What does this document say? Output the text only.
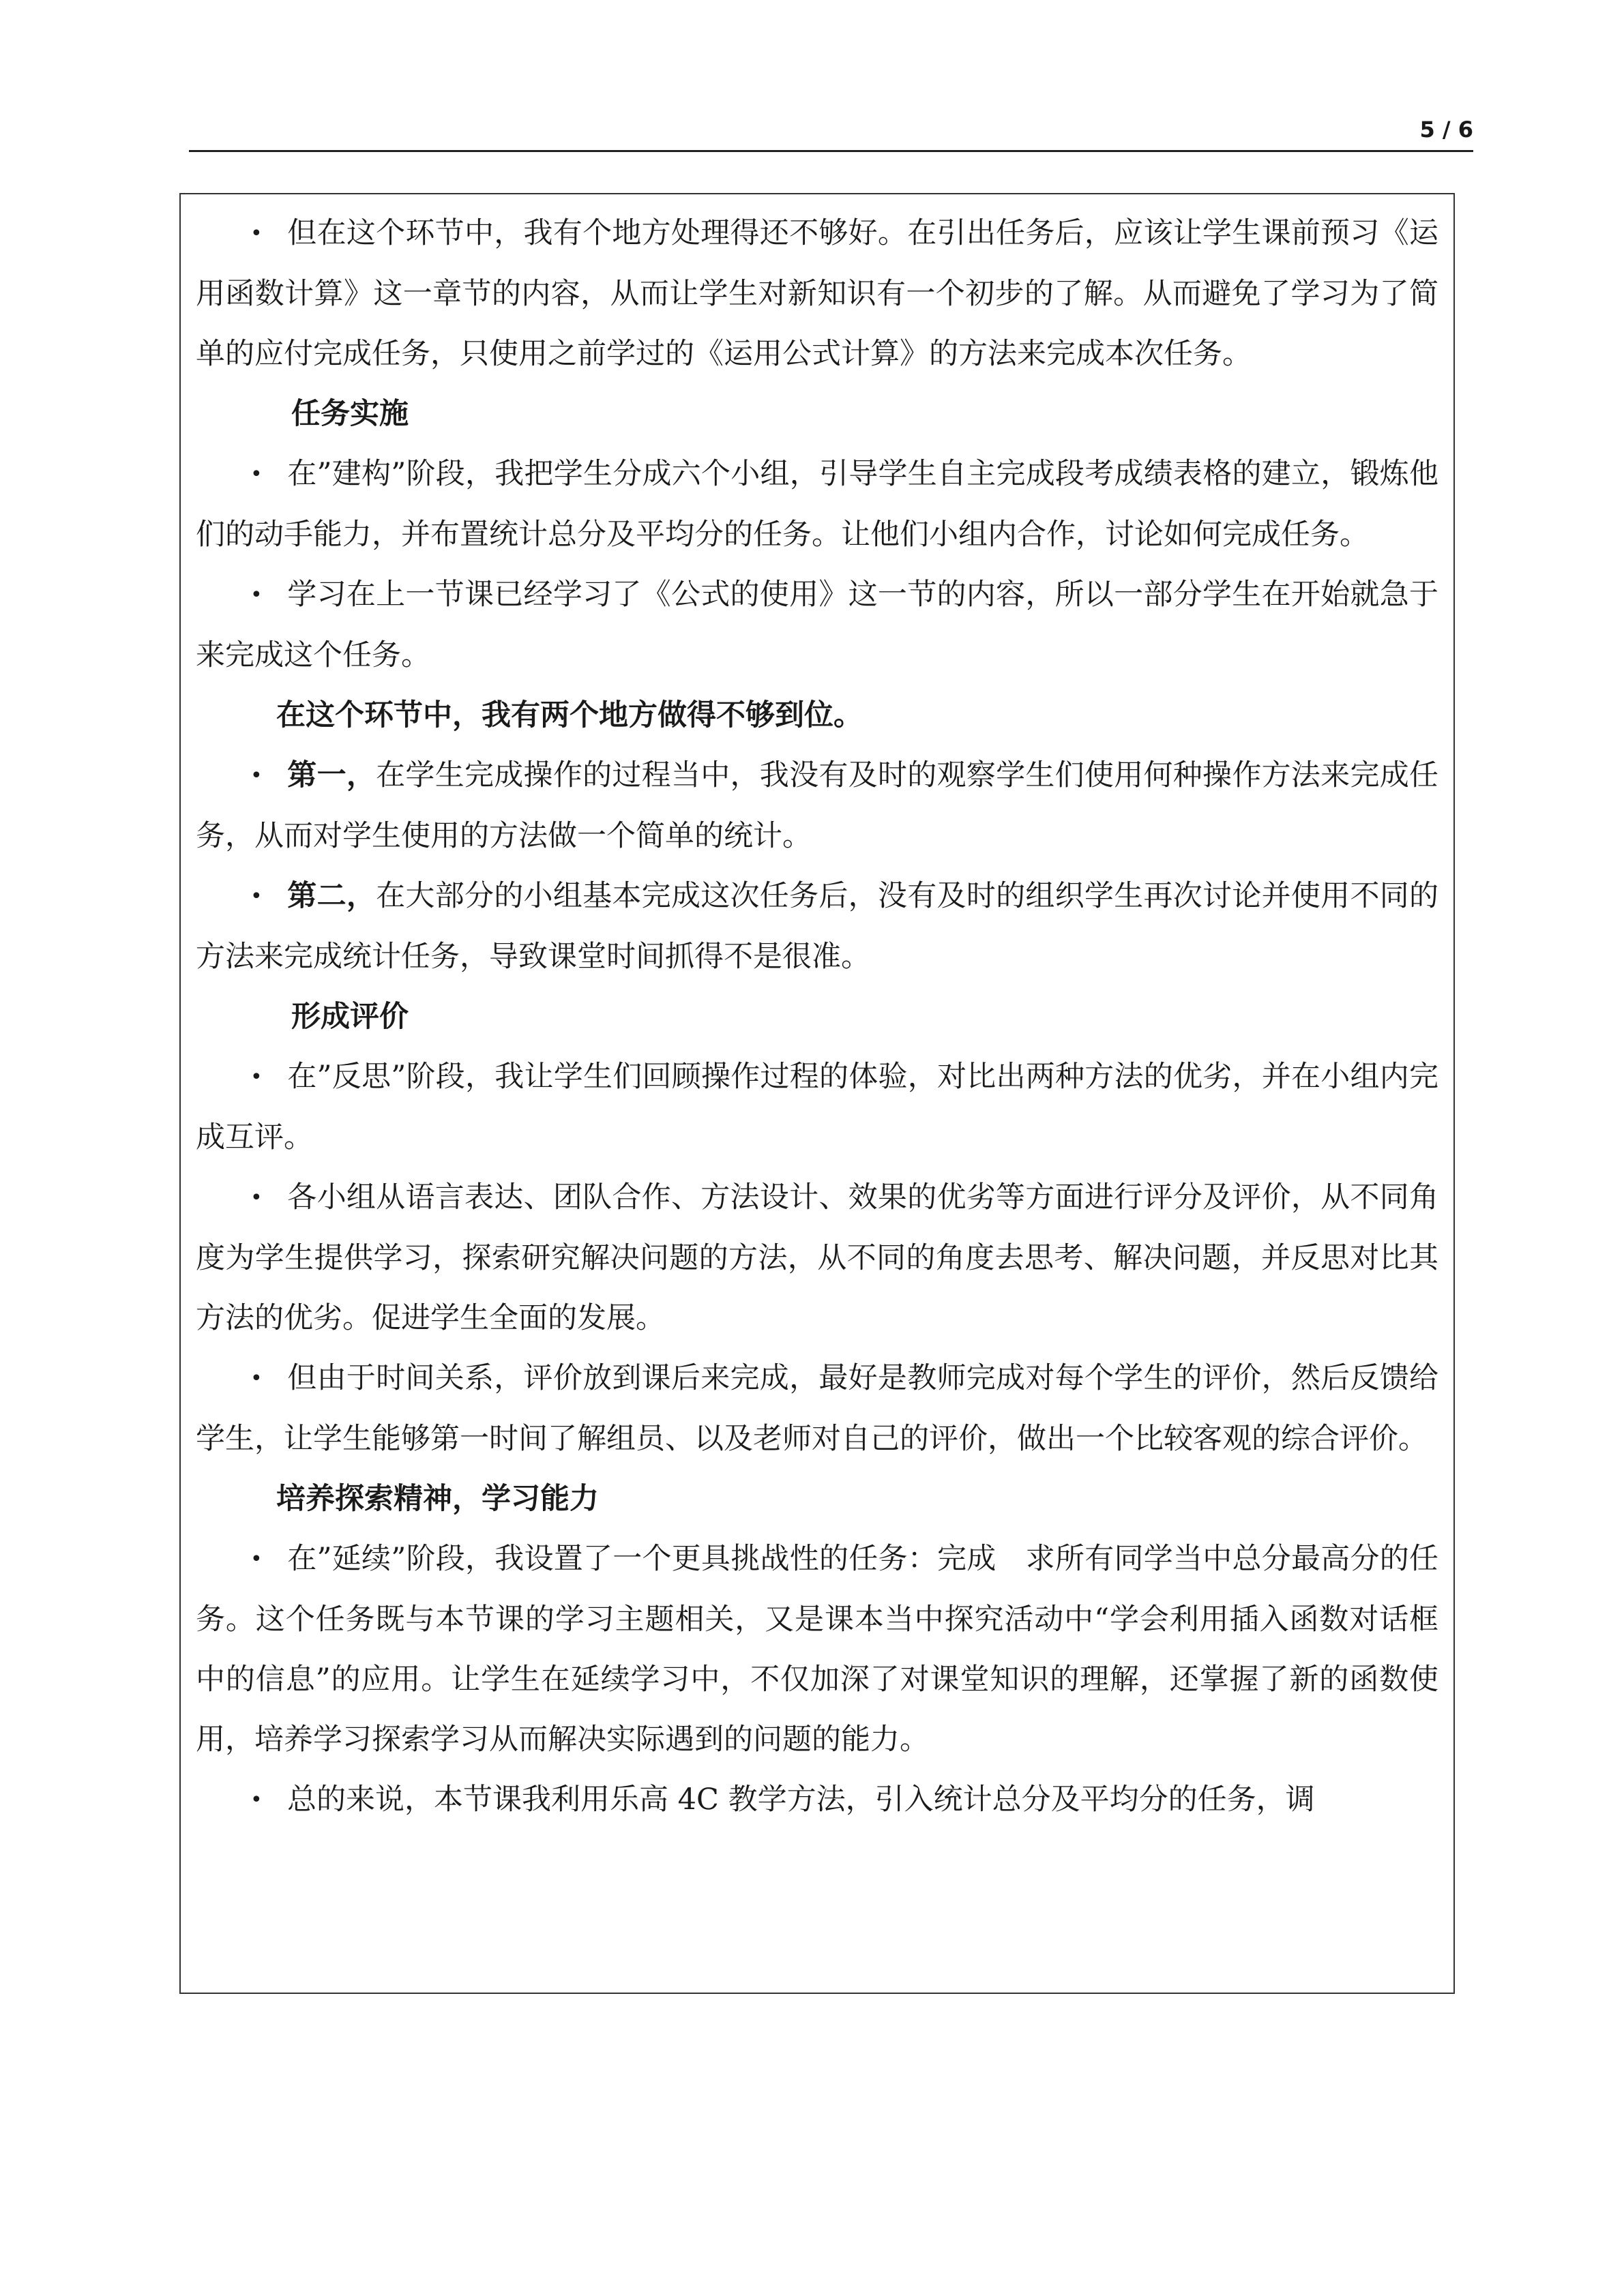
5 / 6

• 但在这个环节中，我有个地方处理得还不够好。在引出任务后，应该让学生课前预习《运用函数计算》这一章节的内容，从而让学生对新知识有一个初步的了解。从而避免了学习为了简单的应付完成任务，只使用之前学过的《运用公式计算》的方法来完成本次任务。

任务实施

• 在”建构”阶段，我把学生分成六个小组，引导学生自主完成段考成绩表格的建立，锻炼他们的动手能力，并布置统计总分及平均分的任务。让他们小组内合作，讨论如何完成任务。

• 学习在上一节课已经学习了《公式的使用》这一节的内容，所以一部分学生在开始就急于来完成这个任务。

在这个环节中，我有两个地方做得不够到位。

• 第一，在学生完成操作的过程当中，我没有及时的观察学生们使用何种操作方法来完成任务，从而对学生使用的方法做一个简单的统计。

• 第二，在大部分的小组基本完成这次任务后，没有及时的组织学生再次讨论并使用不同的方法来完成统计任务，导致课堂时间抓得不是很准。

形成评价

• 在”反思”阶段，我让学生们回顾操作过程的体验，对比出两种方法的优劣，并在小组内完成互评。

• 各小组从语言表达、团队合作、方法设计、效果的优劣等方面进行评分及评价，从不同角度为学生提供学习，探索研究解决问题的方法，从不同的角度去思考、解决问题，并反思对比其方法的优劣。促进学生全面的发展。

• 但由于时间关系，评价放到课后来完成，最好是教师完成对每个学生的评价，然后反馈给学生，让学生能够第一时间了解组员、以及老师对自己的评价，做出一个比较客观的综合评价。

培养探索精神，学习能力

• 在”延续”阶段，我设置了一个更具挑战性的任务：完成　求所有同学当中总分最高分的任务。这个任务既与本节课的学习主题相关，又是课本当中探究活动中“学会利用插入函数对话框中的信息”的应用。让学生在延续学习中，不仅加深了对课堂知识的理解，还掌握了新的函数使用，培养学习探索学习从而解决实际遇到的问题的能力。

• 总的来说，本节课我利用乐高 4C 教学方法，引入统计总分及平均分的任务，调
